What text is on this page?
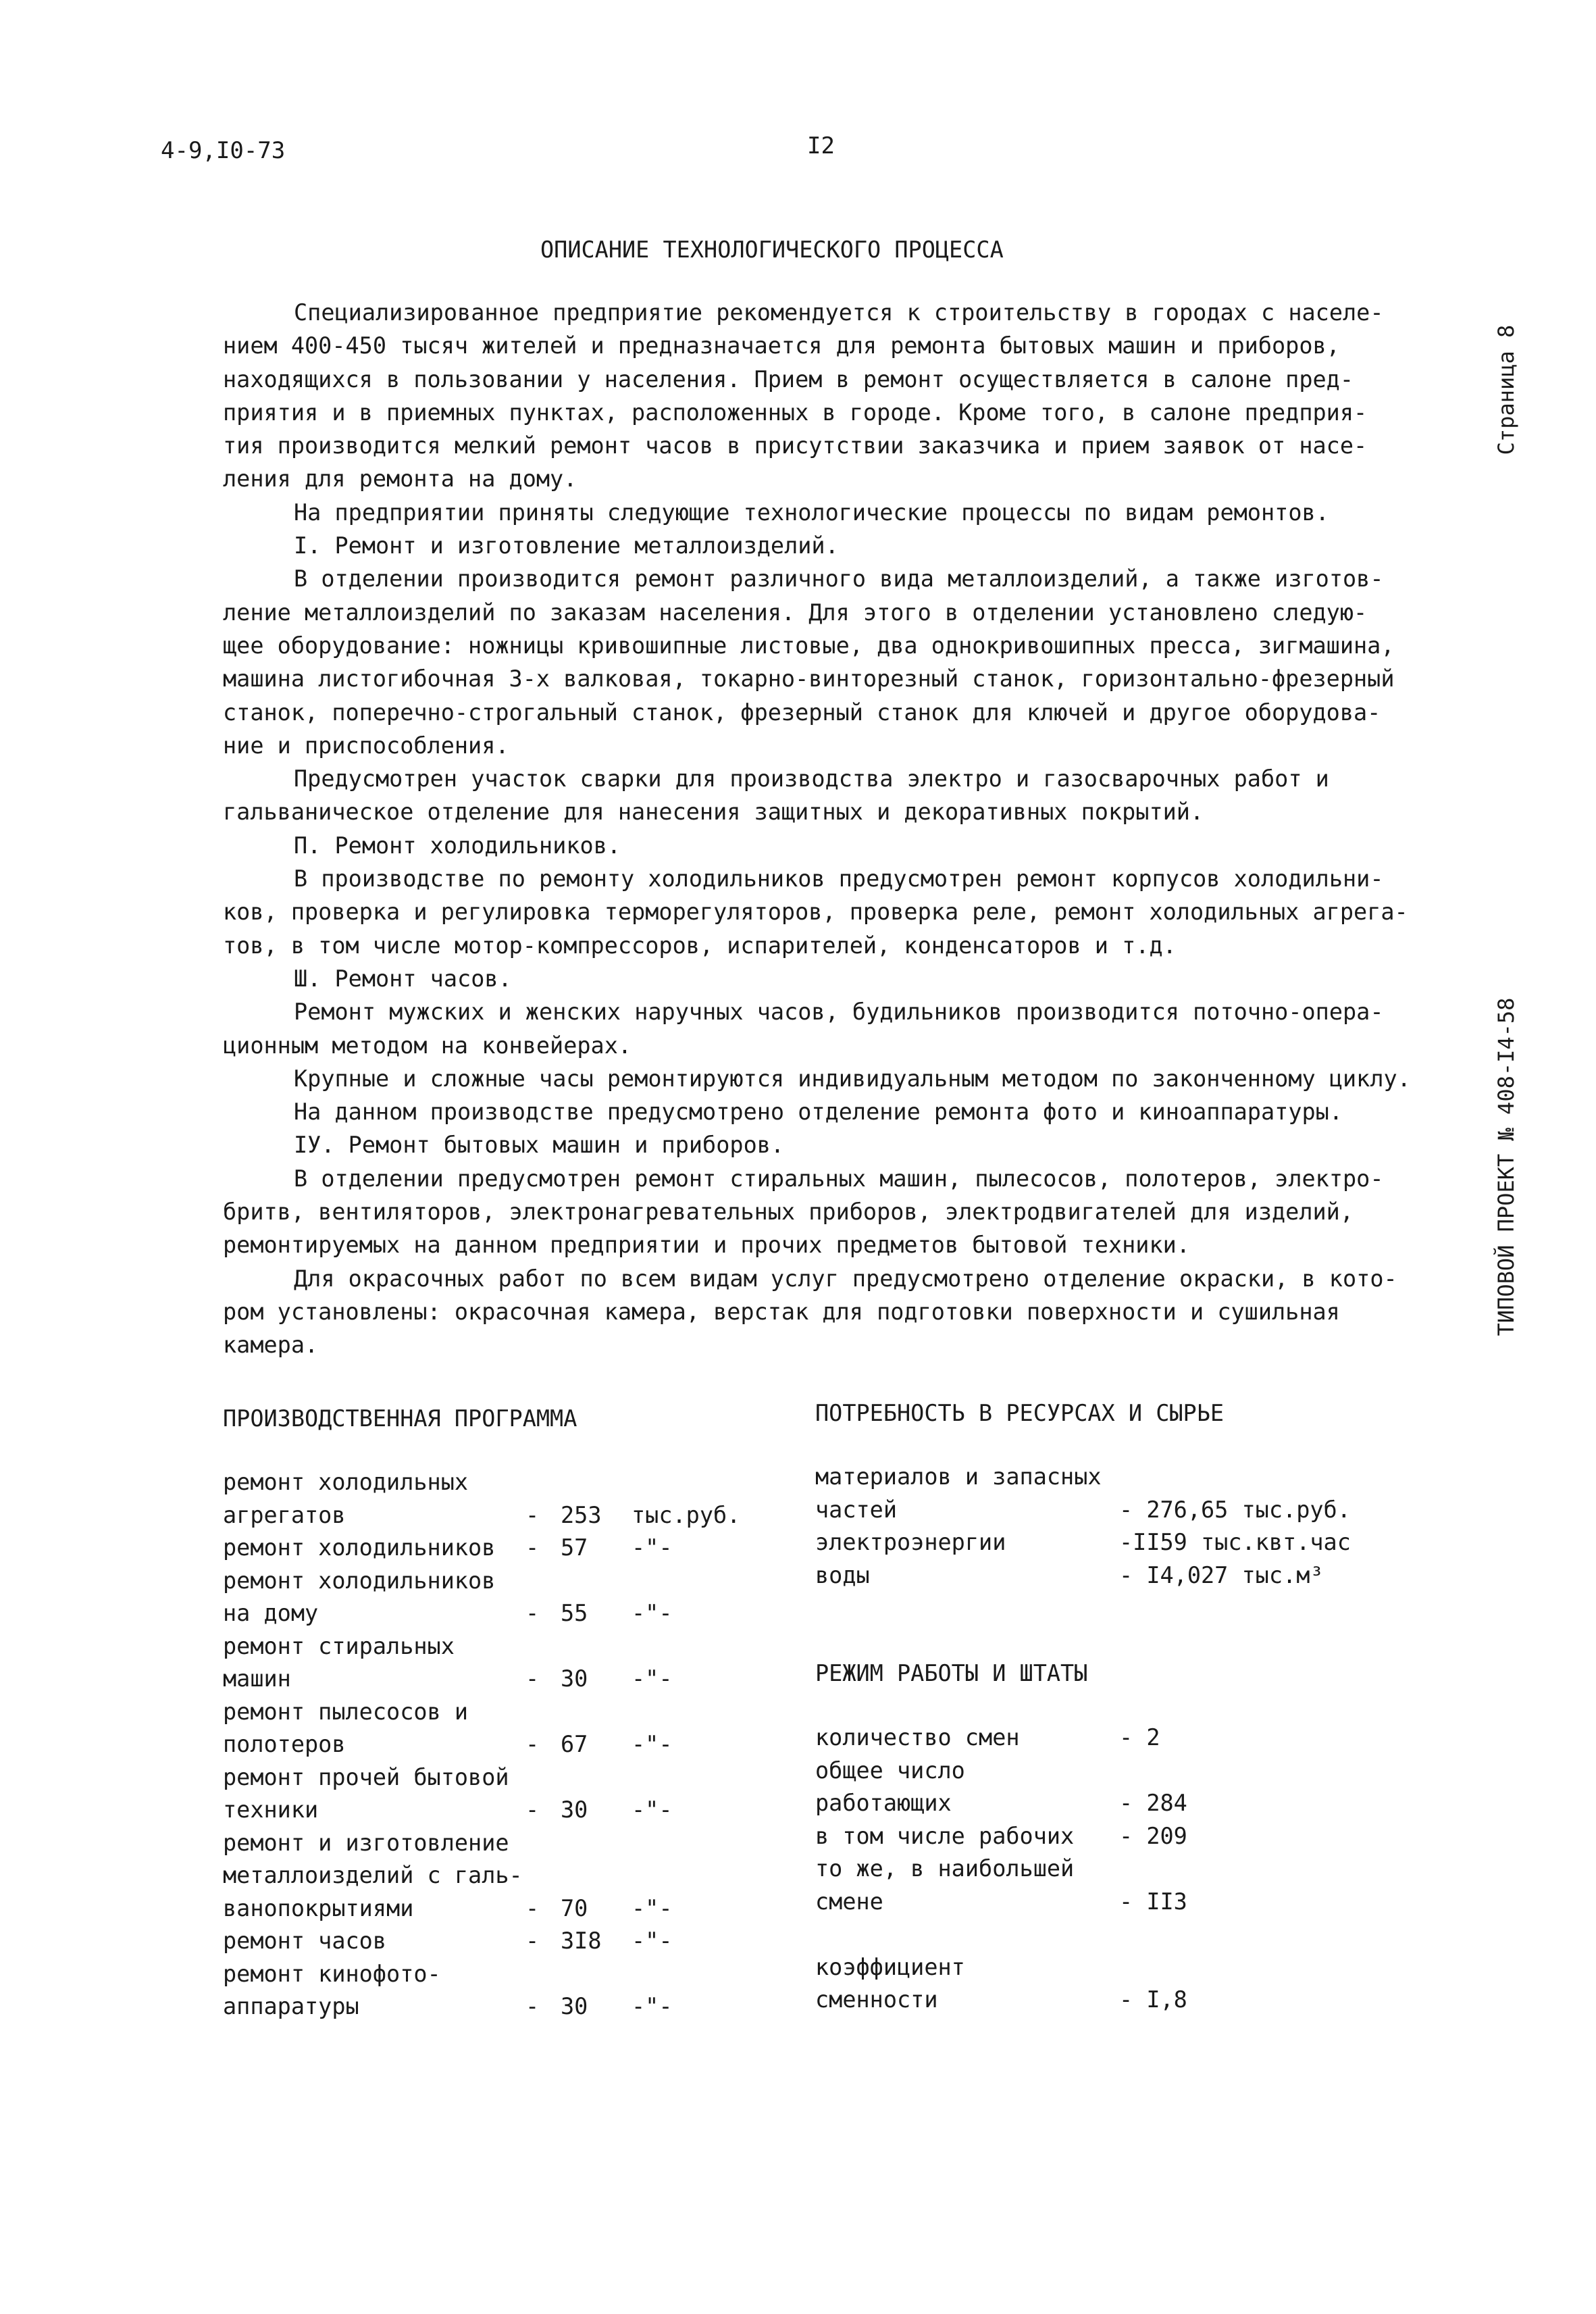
4-9,I0-73	I2
Страница 8
ТИПОВОЙ ПРОЕКТ № 408-I4-58
ОПИСАНИЕ ТЕХНОЛОГИЧЕСКОГО ПРОЦЕССА
Специализированное предприятие рекомендуется к строительству в городах с населе-
нием 400-450 тысяч жителей и предназначается для ремонта бытовых машин и приборов,
находящихся в пользовании у населения. Прием в ремонт осуществляется в салоне пред-
приятия и в приемных пунктах, расположенных в городе. Кроме того, в салоне предприя-
тия производится мелкий ремонт часов в присутствии заказчика и прием заявок от насе-
ления для ремонта на дому.
На предприятии приняты следующие технологические процессы по видам ремонтов.
I. Ремонт и изготовление металлоизделий.
В отделении производится ремонт различного вида металлоизделий, а также изготов-
ление металлоизделий по заказам населения. Для этого в отделении установлено следую-
щее оборудование: ножницы кривошипные листовые, два однокривошипных пресса, зигмашина,
машина листогибочная 3-х валковая, токарно-винторезный станок, горизонтально-фрезерный
станок, поперечно-строгальный станок, фрезерный станок для ключей и другое оборудова-
ние и приспособления.
Предусмотрен участок сварки для производства электро и газосварочных работ и
гальваническое отделение для нанесения защитных и декоративных покрытий.
П. Ремонт холодильников.
В производстве по ремонту холодильников предусмотрен ремонт корпусов холодильни-
ков, проверка и регулировка терморегуляторов, проверка реле, ремонт холодильных агрега-
тов, в том числе мотор-компрессоров, испарителей, конденсаторов и т.д.
Ш. Ремонт часов.
Ремонт мужских и женских наручных часов, будильников производится поточно-опера-
ционным методом на конвейерах.
Крупные и сложные часы ремонтируются индивидуальным методом по законченному циклу.
На данном производстве предусмотрено отделение ремонта фото и киноаппаратуры.
IУ. Ремонт бытовых машин и приборов.
В отделении предусмотрен ремонт стиральных машин, пылесосов, полотеров, электро-
бритв, вентиляторов, электронагревательных приборов, электродвигателей для изделий,
ремонтируемых на данном предприятии и прочих предметов бытовой техники.
Для окрасочных работ по всем видам услуг предусмотрено отделение окраски, в кото-
ром установлены: окрасочная камера, верстак для подготовки поверхности и сушильная
камера.
ПРОИЗВОДСТВЕННАЯ ПРОГРАММА
ремонт холодильных
агрегатов	- 253 тыс.руб.
ремонт холодильников - 57 -"-
ремонт холодильников
на дому	- 55 -"-
ремонт стиральных
машин	- 30 -"-
ремонт пылесосов и
полотеров	- 67 -"-
ремонт прочей бытовой
техники	- 30 -"-
ремонт и изготовление
металлоизделий с галь-
ванопокрытиями	- 70 -"-
ремонт часов	- 3I8 -"-
ремонт кинофото-
аппаратуры	- 30 -"-
ПОТРЕБНОСТЬ В РЕСУРСАХ И СЫРЬЕ
материалов и запасных
частей	- 276,65 тыс.руб.
электроэнергии	-II59 тыс.квт.час
воды	- I4,027 тыс.м³
РЕЖИМ РАБОТЫ И ШТАТЫ
количество смен	- 2
общее число
работающих	- 284
в том числе рабочих - 209
то же, в наибольшей
смене	- II3
коэффициент
сменности	- I,8
